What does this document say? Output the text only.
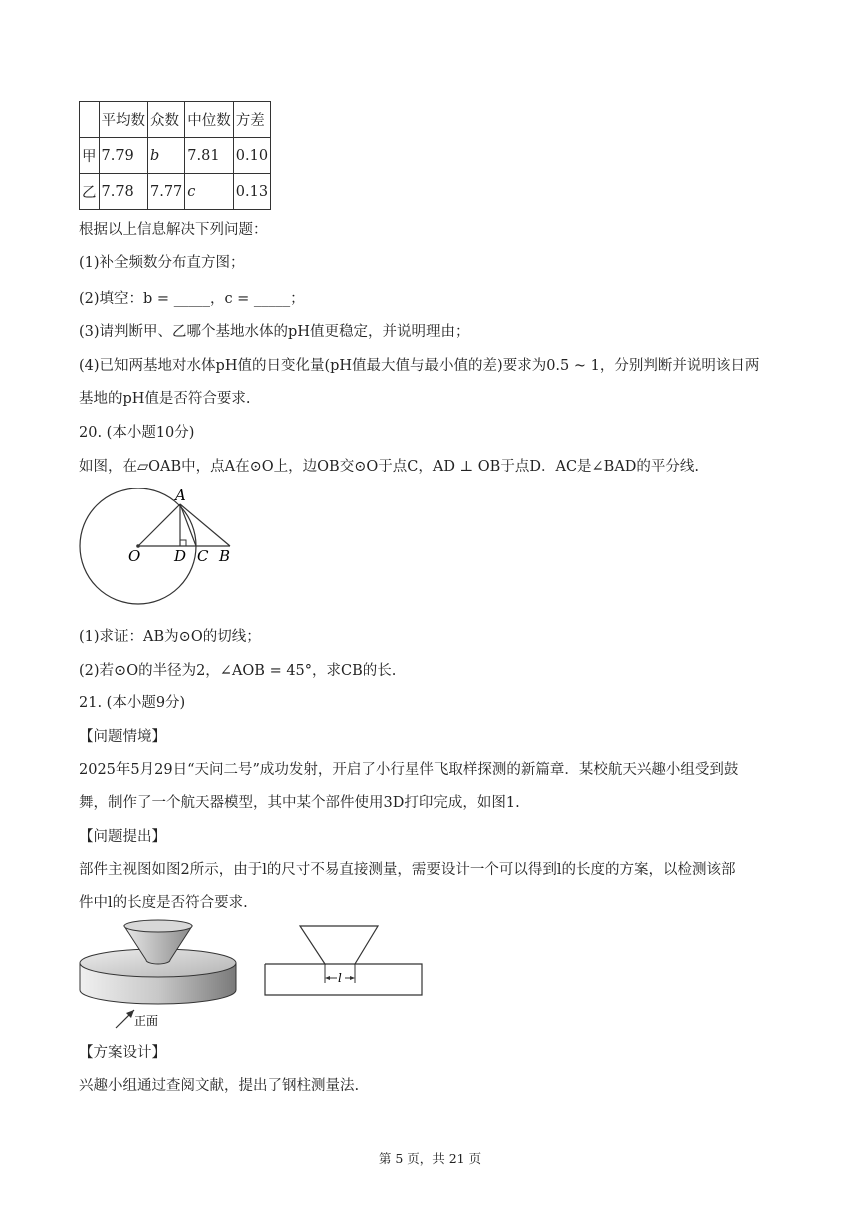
	平均数	众数	中位数	方差
甲	7.79	b	7.81	0.10
乙	7.78	7.77	c	0.13
根据以上信息解决下列问题：
(1)补全频数分布直方图；
(2)填空：b = _____，c = _____；
(3)请判断甲、乙哪个基地水体的pH值更稳定，并说明理由；
(4)已知两基地对水体pH值的日变化量(pH值最大值与最小值的差)要求为0.5 ~ 1，分别判断并说明该日两
基地的pH值是否符合要求.
20. (本小题10分)
如图，在▱OAB中，点A在⊙O上，边OB交⊙O于点C，AD ⊥ OB于点D．AC是∠BAD的平分线.
A
O D C B
(1)求证：AB为⊙O的切线；
(2)若⊙O的半径为2，∠AOB = 45°，求CB的长.
21. (本小题9分)
【问题情境】
2025年5月29日“天问二号”成功发射，开启了小行星伴飞取样探测的新篇章．某校航天兴趣小组受到鼓
舞，制作了一个航天器模型，其中某个部件使用3D打印完成，如图1.
【问题提出】
部件主视图如图2所示，由于l的尺寸不易直接测量，需要设计一个可以得到l的长度的方案，以检测该部
件中l的长度是否符合要求.
正面
l
【方案设计】
兴趣小组通过查阅文献，提出了钢柱测量法.
第 5 页，共 21 页
